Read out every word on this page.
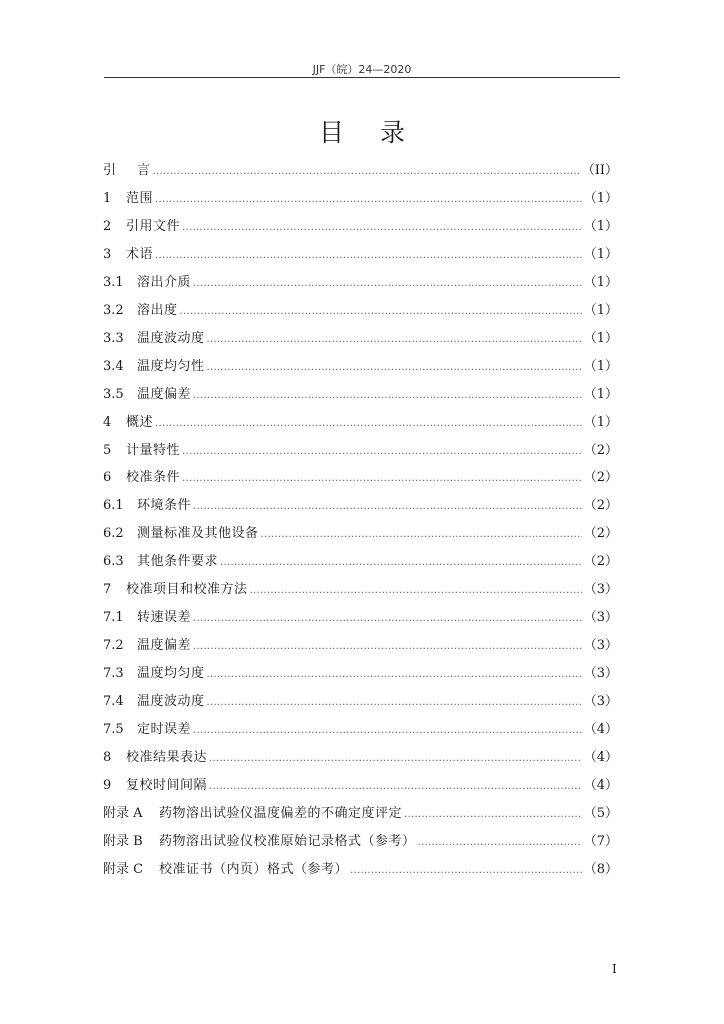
JJF（皖）24—2020
目录
引	言 .....	（II）
1	范围 .....	（1）
2	引用文件 .....	（1）
3	术语 .....	（1）
3.1	溶出介质 .....	（1）
3.2	溶出度 .....	（1）
3.3	温度波动度 .....	（1）
3.4	温度均匀性 .....	（1）
3.5	温度偏差 .....	（1）
4	概述 .....	（1）
5	计量特性 .....	（2）
6	校准条件 .....	（2）
6.1	环境条件 .....	（2）
6.2	测量标准及其他设备 .....	（2）
6.3	其他条件要求 .....	（2）
7	校准项目和校准方法 .....	（3）
7.1	转速误差 .....	（3）
7.2	温度偏差 .....	（3）
7.3	温度均匀度 .....	（3）
7.4	温度波动度 .....	（3）
7.5	定时误差 .....	（4）
8	校准结果表达 .....	（4）
9	复校时间间隔 .....	（4）
附录 A	药物溶出试验仪温度偏差的不确定度评定 .....	（5）
附录 B	药物溶出试验仪校准原始记录格式（参考） .....	（7）
附录 C	校准证书（内页）格式（参考） .....	（8）
I
